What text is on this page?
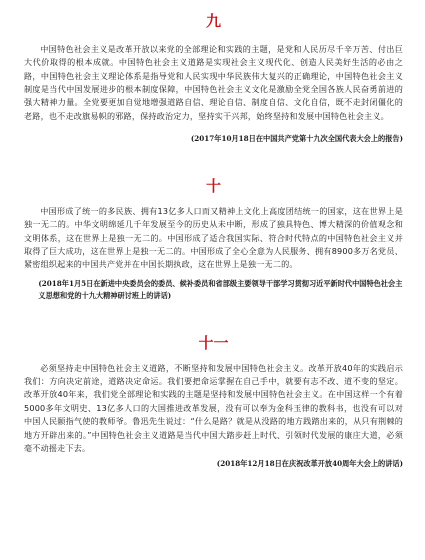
九

中国特色社会主义是改革开放以来党的全部理论和实践的主题，是党和人民历尽千辛万苦、付出巨大代价取得的根本成就。中国特色社会主义道路是实现社会主义现代化、创造人民美好生活的必由之路，中国特色社会主义理论体系是指导党和人民实现中华民族伟大复兴的正确理论，中国特色社会主义制度是当代中国发展进步的根本制度保障，中国特色社会主义文化是激励全党全国各族人民奋勇前进的强大精神力量。全党要更加自觉地增强道路自信、理论自信、制度自信、文化自信，既不走封闭僵化的老路，也不走改旗易帜的邪路，保持政治定力，坚持实干兴邦，始终坚持和发展中国特色社会主义。

(2017年10月18日在中国共产党第十九次全国代表大会上的报告)

十

中国形成了统一的多民族、拥有13亿多人口而又精神上文化上高度团结统一的国家，这在世界上是独一无二的。中华文明绵延几千年发展至今的历史从未中断，形成了独具特色、博大精深的价值观念和文明体系，这在世界上是独一无二的。中国形成了适合我国实际、符合时代特点的中国特色社会主义并取得了巨大成功，这在世界上是独一无二的。中国形成了全心全意为人民服务、拥有8900多万名党员、紧密组织起来的中国共产党并在中国长期执政，这在世界上是独一无二的。

(2018年1月5日在新进中央委员会的委员、候补委员和省部级主要领导干部学习贯彻习近平新时代中国特色社会主义思想和党的十九大精神研讨班上的讲话)

十一

必须坚持走中国特色社会主义道路，不断坚持和发展中国特色社会主义。改革开放40年的实践启示我们：方向决定前途，道路决定命运。我们要把命运掌握在自己手中，就要有志不改、道不变的坚定。改革开放40年来，我们党全部理论和实践的主题是坚持和发展中国特色社会主义。在中国这样一个有着5000多年文明史、13亿多人口的大国推进改革发展，没有可以奉为金科玉律的教科书，也没有可以对中国人民颐指气使的教师爷。鲁迅先生说过：“什么是路？就是从没路的地方践踏出来的，从只有荆棘的地方开辟出来的。”中国特色社会主义道路是当代中国大踏步赶上时代、引领时代发展的康庄大道，必须毫不动摇走下去。

(2018年12月18日在庆祝改革开放40周年大会上的讲话)
